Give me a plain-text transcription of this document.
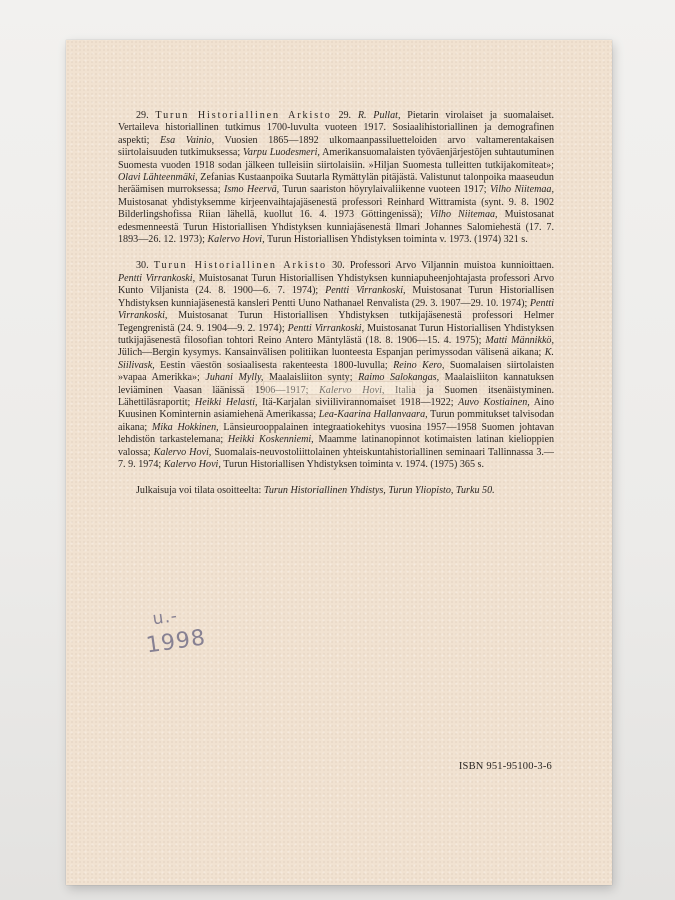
29. Turun Historiallinen Arkisto 29. R. Pullat, Pietarin virolaiset ja suomalaiset. Vertaileva historiallinen tutkimus 1700-luvulta vuoteen 1917. Sosiaalihistoriallinen ja demografinen aspekti; Esa Vainio, Vuosien 1865—1892 ulkomaanpassiluetteloiden arvo valtamerentakaisen siirtolaisuuden tutkimuksessa; Varpu Luodesmeri, Amerikansuomalaisten työväenjärjestöjen suhtautuminen Suomesta vuoden 1918 sodan jälkeen tulleisiin siirtolaisiin. »Hiljan Suomesta tulleitten tutkijakomiteat»; Olavi Lähteenmäki, Zefanias Kustaanpoika Suutarla Rymättylän pitäjästä. Valistunut talonpoika maaseudun heräämisen murroksessa; Ismo Heervä, Turun saariston höyrylaivaliikenne vuoteen 1917; Vilho Niitemaa, Muistosanat yhdistyksemme kirjeenvaihtajajäsenestä professori Reinhard Wittramista (synt. 9. 8. 1902 Bilderlingshofissa Riian lähellä, kuollut 16. 4. 1973 Göttingenissä); Vilho Niitemaa, Muistosanat edesmenneestä Turun Historiallisen Yhdistyksen kunniajäsenestä Ilmari Johannes Salomiehestä (17. 7. 1893—26. 12. 1973); Kalervo Hovi, Turun Historiallisen Yhdistyksen toiminta v. 1973. (1974) 321 s.

30. Turun Historiallinen Arkisto 30. Professori Arvo Viljannin muistoa kunnioittaen. Pentti Virrankoski, Muistosanat Turun Historiallisen Yhdistyksen kunniapuheenjohtajasta professori Arvo Kunto Viljanista (24. 8. 1900—6. 7. 1974); Pentti Virrankoski, Muistosanat Turun Historiallisen Yhdistyksen kunniajäsenestä kansleri Pentti Uuno Nathanael Renvalista (29. 3. 1907—29. 10. 1974); Pentti Virrankoski, Muistosanat Turun Historiallisen Yhdistyksen tutkijajäsenestä professori Helmer Tegengrenistä (24. 9. 1904—9. 2. 1974); Pentti Virrankoski, Muistosanat Turun Historiallisen Yhdistyksen tutkijajäsenestä filosofian tohtori Reino Antero Mäntylästä (18. 8. 1906—15. 4. 1975); Matti Männikkö, Jülich—Bergin kysymys. Kansainvälisen politiikan luonteesta Espanjan perimyssodan välisenä aikana; K. Siilivask, Eestin väestön sosiaalisesta rakenteesta 1800-luvulla; Reino Kero, Suomalaisen siirtolaisten »vapaa Amerikka»; Juhani Mylly, Maalaisliiton synty; Raimo Salokangas, Maalaisliiton kannatuksen leviäminen Vaasan läänissä 1906—1917; Kalervo Hovi, Italia ja Suomen itsenäistyminen. Lähettiläsraportit; Heikki Helasti, Itä-Karjalan siviilivirannomaiset 1918—1922; Auvo Kostiainen, Aino Kuusinen Kominternin asiamiehenä Amerikassa; Lea-Kaarina Hallanvaara, Turun pommitukset talvisodan aikana; Mika Hokkinen, Länsieurooppalainen integraatiokehitys vuosina 1957—1958 Suomen johtavan lehdistön tarkastelemana; Heikki Koskenniemi, Maamme latinanopinnot kotimaisten latinan kielioppien valossa; Kalervo Hovi, Suomalais-neuvostoliittolainen yhteiskuntahistoriallinen seminaari Tallinnassa 3.—7. 9. 1974; Kalervo Hovi, Turun Historiallisen Yhdistyksen toiminta v. 1974. (1975) 365 s.

Julkaisuja voi tilata osoitteelta: Turun Historiallinen Yhdistys, Turun Yliopisto, Turku 50.

u.-
1998
ISBN 951-95100-3-6
